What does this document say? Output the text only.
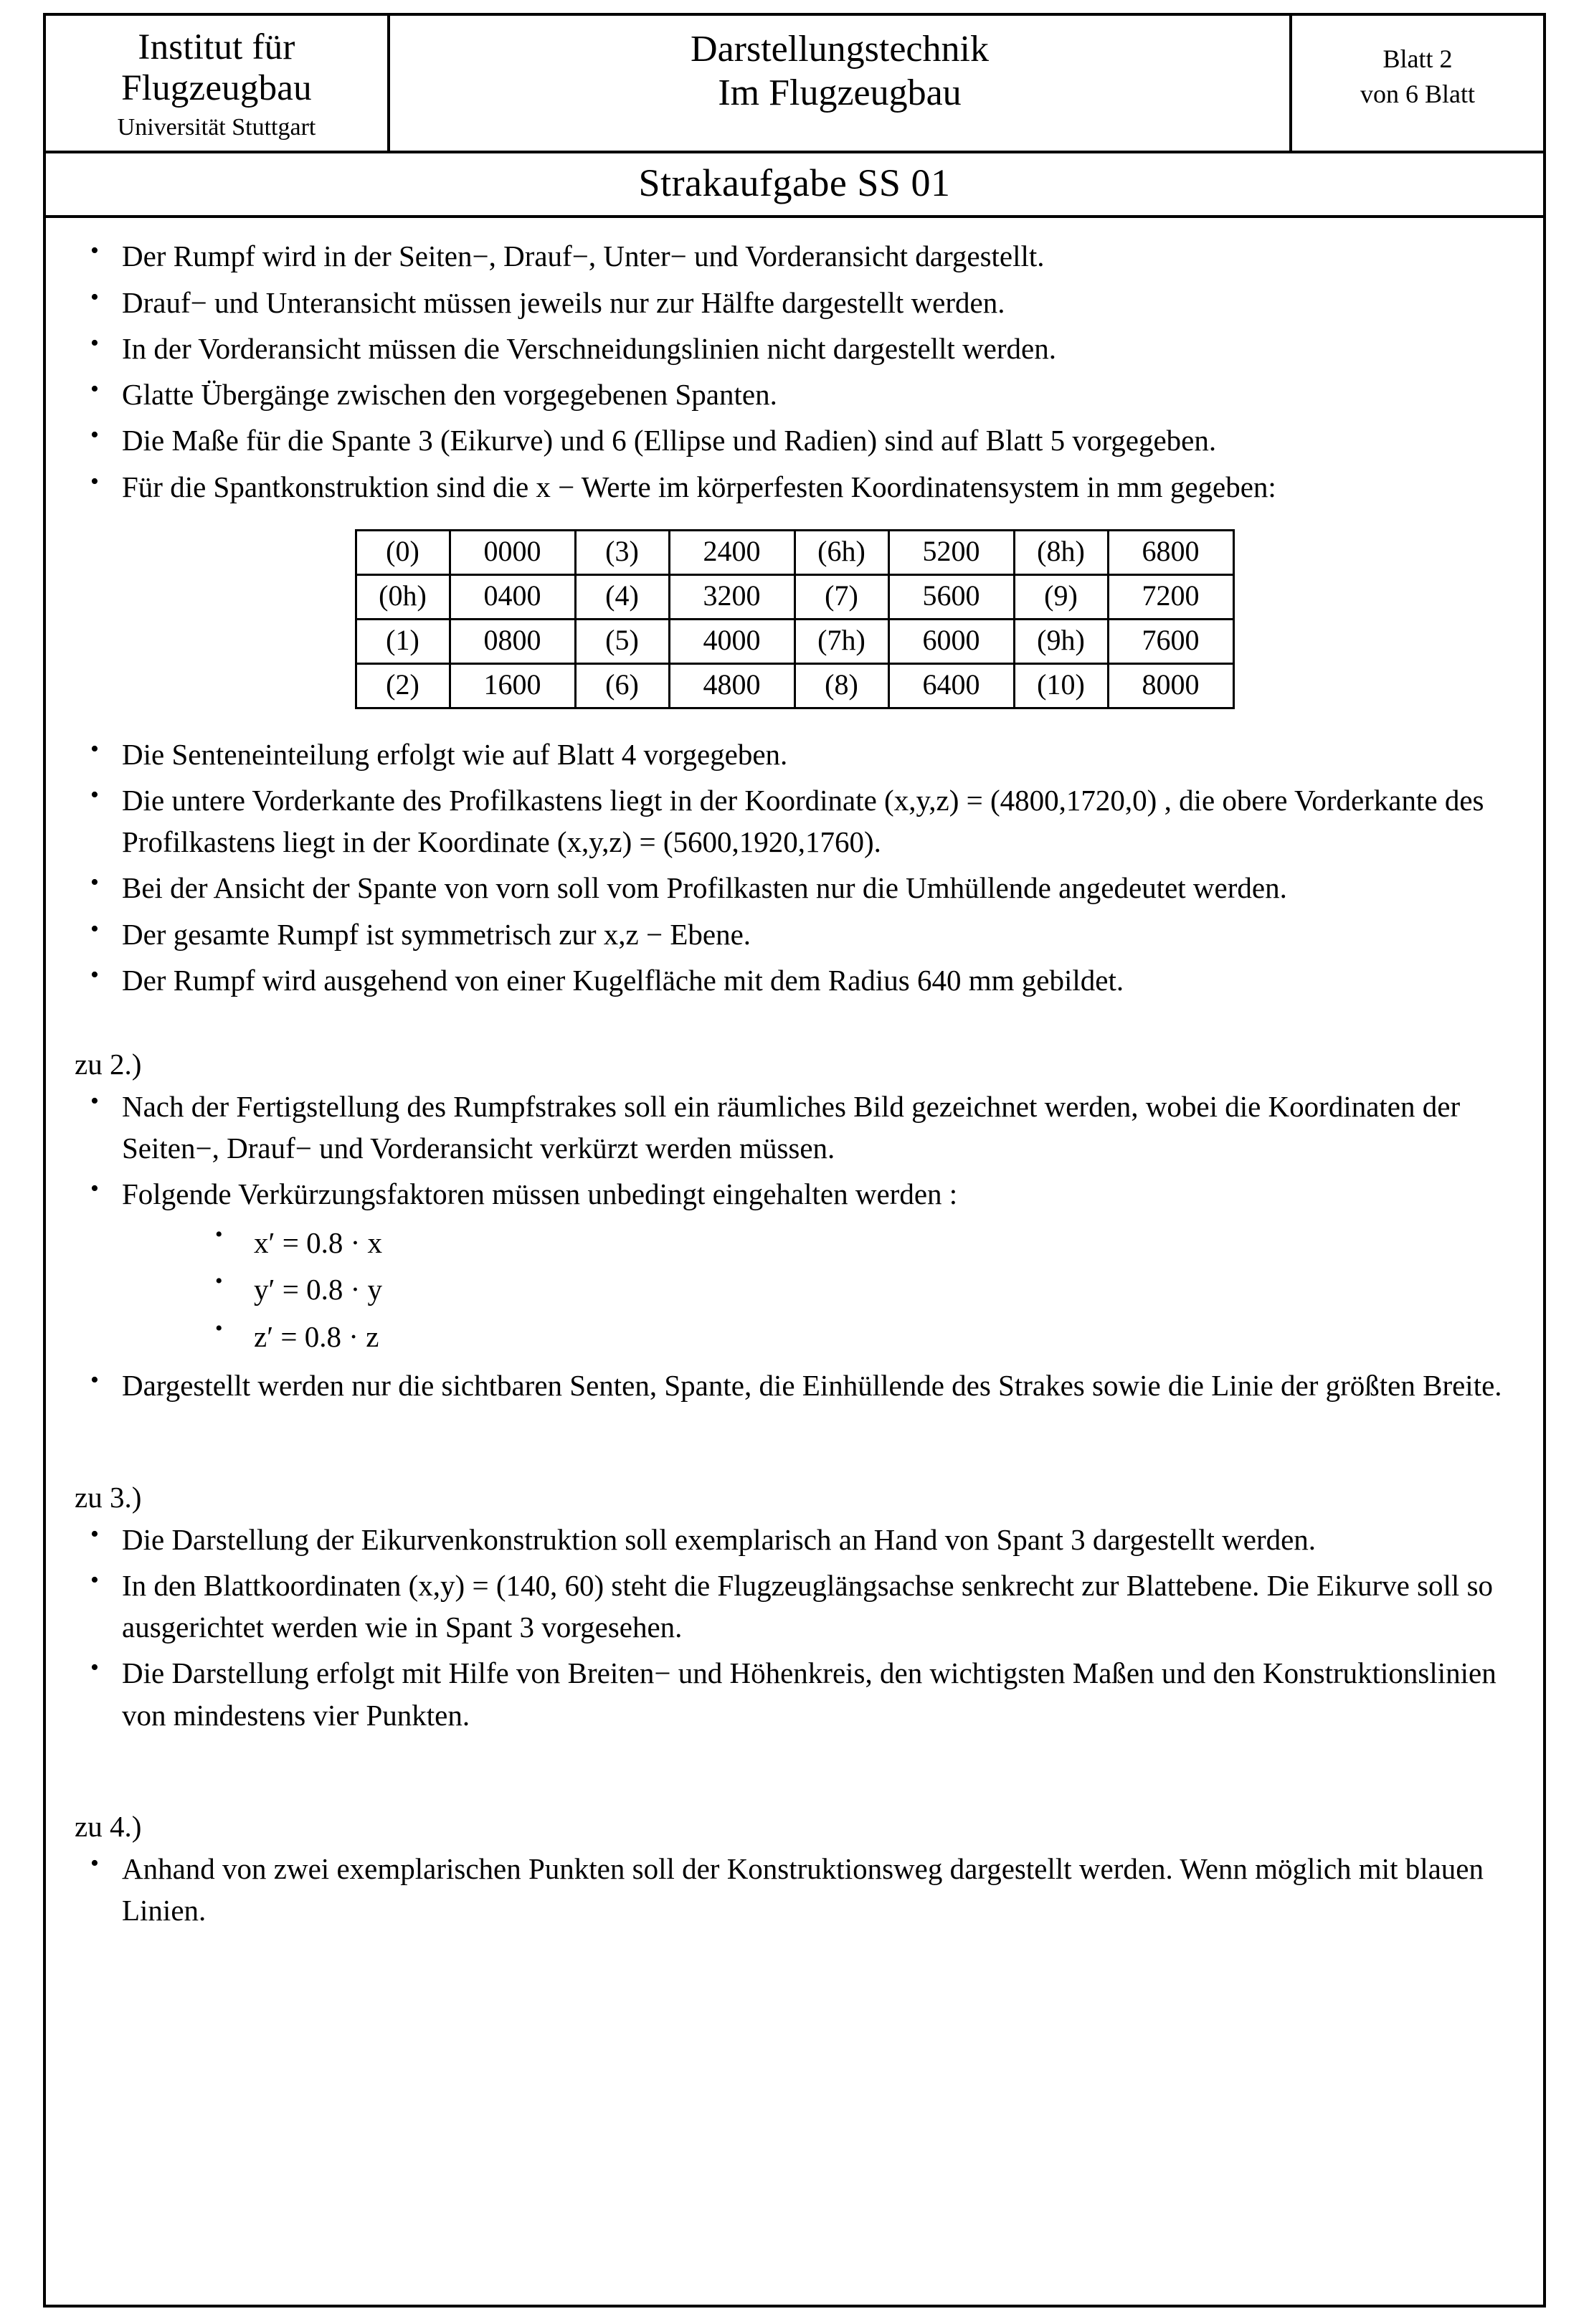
Institut für
Flugzeugbau
Universität Stuttgart
Darstellungstechnik
Im Flugzeugbau
Blatt 2
von 6 Blatt
Strakaufgabe SS 01
• Der Rumpf wird in der Seiten−, Drauf−, Unter− und Vorderansicht dargestellt.
• Drauf− und Unteransicht müssen jeweils nur zur Hälfte dargestellt werden.
• In der Vorderansicht müssen die Verschneidungslinien nicht dargestellt werden.
• Glatte Übergänge zwischen den vorgegebenen Spanten.
• Die Maße für die Spante 3 (Eikurve) und 6 (Ellipse und Radien) sind auf Blatt 5 vorgegeben.
• Für die Spantkonstruktion sind die x − Werte im körperfesten Koordinatensystem in mm gegeben:
(0)	0000	(3)	2400	(6h)	5200	(8h)	6800
(0h)	0400	(4)	3200	(7)	5600	(9)	7200
(1)	0800	(5)	4000	(7h)	6000	(9h)	7600
(2)	1600	(6)	4800	(8)	6400	(10)	8000
• Die Senteneinteilung erfolgt wie auf Blatt 4 vorgegeben.
• Die untere Vorderkante des Profilkastens liegt in der Koordinate (x,y,z) = (4800,1720,0) , die obere Vorderkante des Profilkastens liegt in der Koordinate (x,y,z) = (5600,1920,1760).
• Bei der Ansicht der Spante von vorn soll vom Profilkasten nur die Umhüllende angedeutet werden.
• Der gesamte Rumpf ist symmetrisch zur x,z − Ebene.
• Der Rumpf wird ausgehend von einer Kugelfläche mit dem Radius 640 mm gebildet.
zu 2.)
• Nach der Fertigstellung des Rumpfstrakes soll ein räumliches Bild gezeichnet werden, wobei die Koordinaten der Seiten−, Drauf− und Vorderansicht verkürzt werden müssen.
• Folgende Verkürzungsfaktoren müssen unbedingt eingehalten werden :
• x′ = 0.8 · x
• y′ = 0.8 · y
• z′ = 0.8 · z
• Dargestellt werden nur die sichtbaren Senten, Spante, die Einhüllende des Strakes sowie die Linie der größten Breite.
zu 3.)
• Die Darstellung der Eikurvenkonstruktion soll exemplarisch an Hand von Spant 3 dargestellt werden.
• In den Blattkoordinaten (x,y) = (140, 60) steht die Flugzeuglängsachse senkrecht zur Blattebene. Die Eikurve soll so ausgerichtet werden wie in Spant 3 vorgesehen.
• Die Darstellung erfolgt mit Hilfe von Breiten− und Höhenkreis, den wichtigsten Maßen und den Konstruktionslinien von mindestens vier Punkten.
zu 4.)
• Anhand von zwei exemplarischen Punkten soll der Konstruktionsweg dargestellt werden. Wenn möglich mit blauen Linien.
